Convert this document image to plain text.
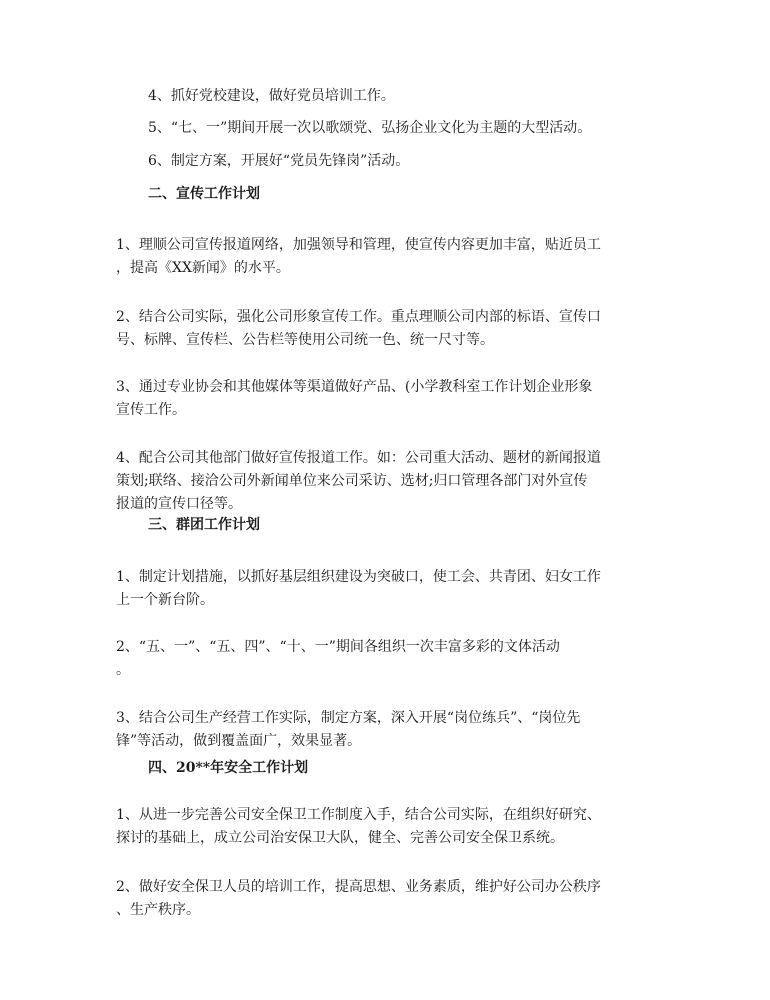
4、抓好党校建设，做好党员培训工作。
5、“七、一”期间开展一次以歌颂党、弘扬企业文化为主题的大型活动。
6、制定方案，开展好“党员先锋岗”活动。
二、宣传工作计划
1、理顺公司宣传报道网络，加强领导和管理，使宣传内容更加丰富，贴近员工
，提高《XX新闻》的水平。
2、结合公司实际，强化公司形象宣传工作。重点理顺公司内部的标语、宣传口
号、标牌、宣传栏、公告栏等使用公司统一色、统一尺寸等。
3、通过专业协会和其他媒体等渠道做好产品、(小学教科室工作计划企业形象
宣传工作。
4、配合公司其他部门做好宣传报道工作。如：公司重大活动、题材的新闻报道
策划;联络、接洽公司外新闻单位来公司采访、选材;归口管理各部门对外宣传
报道的宣传口径等。
三、群团工作计划
1、制定计划措施，以抓好基层组织建设为突破口，使工会、共青团、妇女工作
上一个新台阶。
2、“五、一”、“五、四”、“十、一”期间各组织一次丰富多彩的文体活动
。
3、结合公司生产经营工作实际，制定方案，深入开展“岗位练兵”、“岗位先
锋”等活动，做到覆盖面广，效果显著。
四、20**年安全工作计划
1、从进一步完善公司安全保卫工作制度入手，结合公司实际，在组织好研究、
探讨的基础上，成立公司治安保卫大队，健全、完善公司安全保卫系统。
2、做好安全保卫人员的培训工作，提高思想、业务素质，维护好公司办公秩序
、生产秩序。
